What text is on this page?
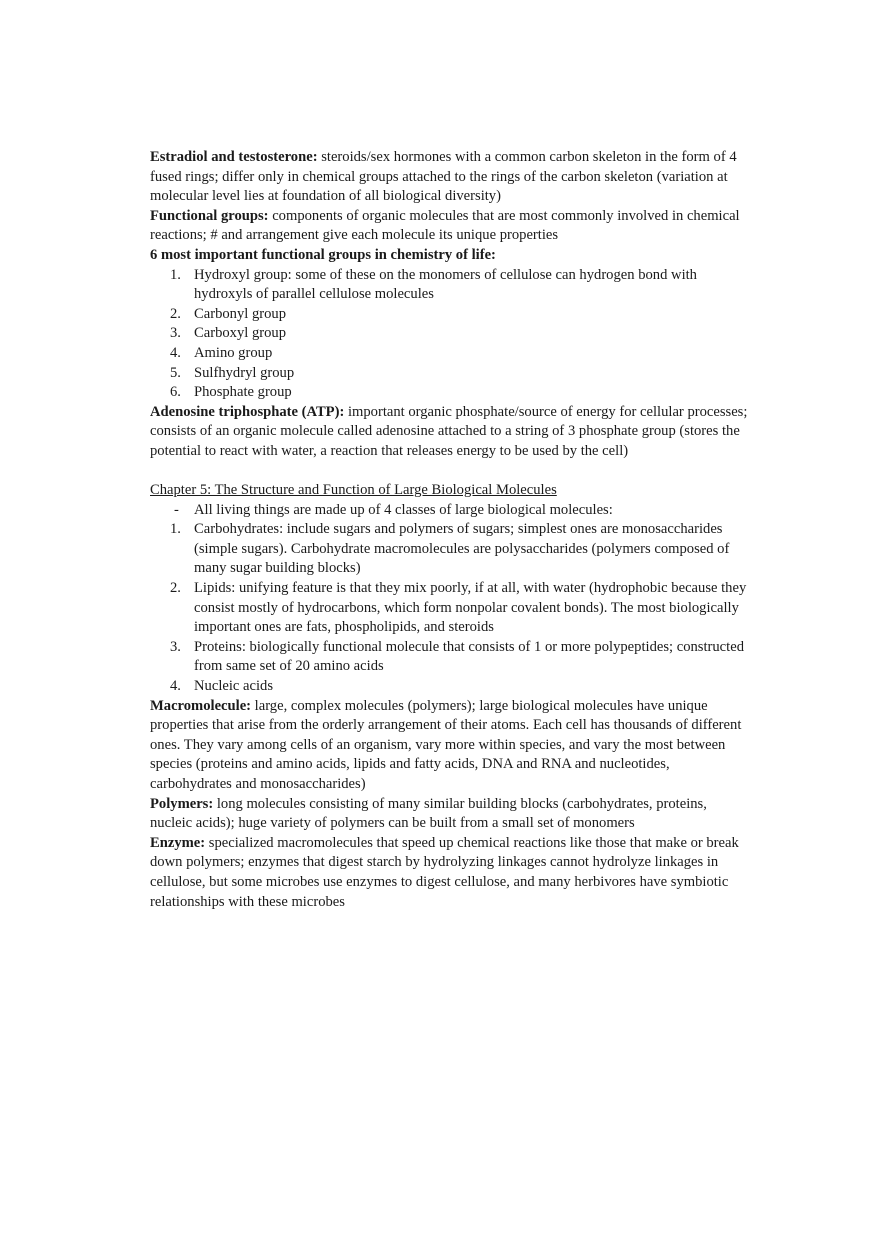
Estradiol and testosterone: steroids/sex hormones with a common carbon skeleton in the form of 4 fused rings; differ only in chemical groups attached to the rings of the carbon skeleton (variation at molecular level lies at foundation of all biological diversity)

Functional groups: components of organic molecules that are most commonly involved in chemical reactions; # and arrangement give each molecule its unique properties

6 most important functional groups in chemistry of life:

1. Hydroxyl group: some of these on the monomers of cellulose can hydrogen bond with hydroxyls of parallel cellulose molecules
2. Carbonyl group
3. Carboxyl group
4. Amino group
5. Sulfhydryl group
6. Phosphate group

Adenosine triphosphate (ATP): important organic phosphate/source of energy for cellular processes; consists of an organic molecule called adenosine attached to a string of 3 phosphate group (stores the potential to react with water, a reaction that releases energy to be used by the cell)

Chapter 5: The Structure and Function of Large Biological Molecules

- All living things are made up of 4 classes of large biological molecules:
1. Carbohydrates: include sugars and polymers of sugars; simplest ones are monosaccharides (simple sugars). Carbohydrate macromolecules are polysaccharides (polymers composed of many sugar building blocks)
2. Lipids: unifying feature is that they mix poorly, if at all, with water (hydrophobic because they consist mostly of hydrocarbons, which form nonpolar covalent bonds). The most biologically important ones are fats, phospholipids, and steroids
3. Proteins: biologically functional molecule that consists of 1 or more polypeptides; constructed from same set of 20 amino acids
4. Nucleic acids

Macromolecule: large, complex molecules (polymers); large biological molecules have unique properties that arise from the orderly arrangement of their atoms. Each cell has thousands of different ones. They vary among cells of an organism, vary more within species, and vary the most between species (proteins and amino acids, lipids and fatty acids, DNA and RNA and nucleotides, carbohydrates and monosaccharides)

Polymers: long molecules consisting of many similar building blocks (carbohydrates, proteins, nucleic acids); huge variety of polymers can be built from a small set of monomers

Enzyme: specialized macromolecules that speed up chemical reactions like those that make or break down polymers; enzymes that digest starch by hydrolyzing linkages cannot hydrolyze linkages in cellulose, but some microbes use enzymes to digest cellulose, and many herbivores have symbiotic relationships with these microbes
